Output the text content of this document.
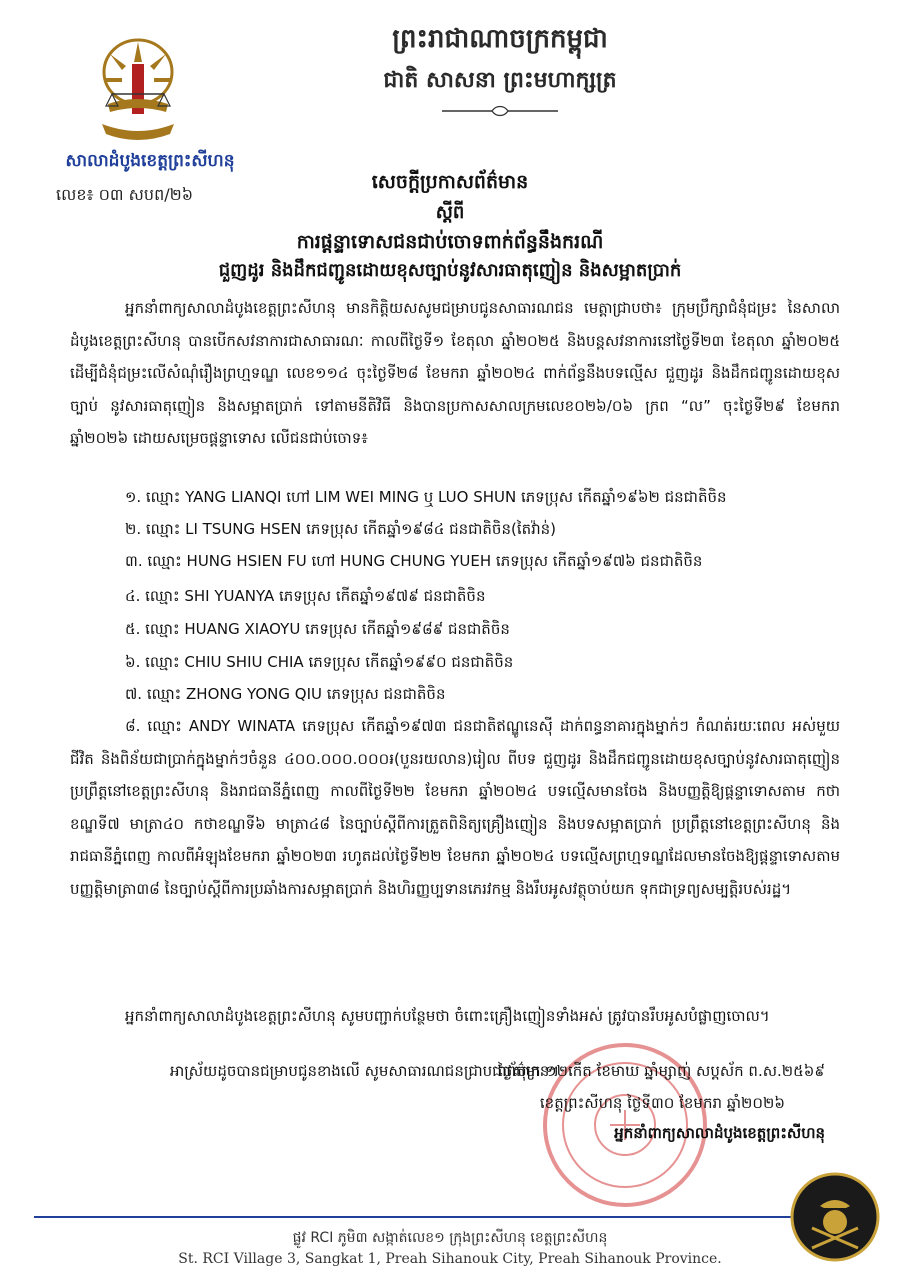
ព្រះរាជាណាចក្រកម្ពុជា
ជាតិ សាសនា ព្រះមហាក្សត្រ
សាលាដំបូងខេត្តព្រះសីហនុ
លេខ៖ ០៣ សបព/២៦
សេចក្តីប្រកាសព័ត៌មាន
ស្តីពី
ការផ្តន្ទាទោសជនជាប់ចោទពាក់ព័ន្ធនឹងករណី
ជួញដូរ និងដឹកជញ្ជូនដោយខុសច្បាប់នូវសារធាតុញៀន និងសម្អាតប្រាក់
អ្នកនាំពាក្យសាលាដំបូងខេត្តព្រះសីហនុ មានកិត្តិយសសូមជម្រាបជូនសាធារណជន មេត្តាជ្រាបថា៖ ក្រុមប្រឹក្សាជំនុំជម្រះ នៃសាលាដំបូងខេត្តព្រះសីហនុ បានបើកសវនាការជាសាធារណៈ កាលពីថ្ងៃទី១ ខែតុលា ឆ្នាំ២០២៥ និងបន្តសវនាការនៅថ្ងៃទី២៣ ខែតុលា ឆ្នាំ២០២៥ ដើម្បីជំនុំជម្រះលើសំណុំរឿងព្រហ្មទណ្ឌ លេខ១១៤ ចុះថ្ងៃទី២៨ ខែមករា ឆ្នាំ២០២៤ ពាក់ព័ន្ធនឹងបទល្មើស ជួញដូរ និងដឹកជញ្ជូនដោយខុសច្បាប់ នូវសារធាតុញៀន និងសម្អាតប្រាក់ ទៅតាមនីតិវិធី និងបានប្រកាសសាលក្រមលេខ០២៦/០៦ ក្រព “ល” ចុះថ្ងៃទី២៩ ខែមករា ឆ្នាំ២០២៦ ដោយសម្រេចផ្តន្ទាទោស លើជនជាប់ចោទ៖
១. ឈ្មោះ YANG LIANQI ហៅ LIM WEI MING ឬ LUO SHUN ភេទប្រុស កើតឆ្នាំ១៩៦២ ជនជាតិចិន
២. ឈ្មោះ LI TSUNG HSEN ភេទប្រុស កើតឆ្នាំ១៩៨៤ ជនជាតិចិន(តៃវ៉ាន់)
៣. ឈ្មោះ HUNG HSIEN FU ហៅ HUNG CHUNG YUEH ភេទប្រុស កើតឆ្នាំ១៩៧៦ ជនជាតិចិន
៤. ឈ្មោះ SHI YUANYA ភេទប្រុស កើតឆ្នាំ១៩៧៩ ជនជាតិចិន
៥. ឈ្មោះ HUANG XIAOYU ភេទប្រុស កើតឆ្នាំ១៩៨៩ ជនជាតិចិន
៦. ឈ្មោះ CHIU SHIU CHIA ភេទប្រុស កើតឆ្នាំ១៩៩០ ជនជាតិចិន
៧. ឈ្មោះ ZHONG YONG QIU ភេទប្រុស ជនជាតិចិន
៨. ឈ្មោះ ANDY WINATA ភេទប្រុស កើតឆ្នាំ១៩៧៣ ជនជាតិឥណ្ឌូនេស៊ី ដាក់ពន្ធនាគារក្នុងម្នាក់ៗ កំណត់រយៈពេល អស់មួយជីវិត និងពិន័យជាប្រាក់ក្នុងម្នាក់ៗចំនួន ៤០០.០០០.០០០៛(បួនរយលាន)រៀល ពីបទ ជួញដូរ និងដឹកជញ្ជូនដោយខុសច្បាប់នូវសារធាតុញៀន ប្រព្រឹត្តនៅខេត្តព្រះសីហនុ និងរាជធានីភ្នំពេញ កាលពីថ្ងៃទី២២ ខែមករា ឆ្នាំ២០២៤ បទល្មើសមានចែង និងបញ្ញត្តិឱ្យផ្តន្ទាទោសតាម កថាខណ្ឌទី៧ មាត្រា៤០ កថាខណ្ឌទី៦ មាត្រា៤៨ នៃច្បាប់ស្តីពីការត្រួតពិនិត្យគ្រឿងញៀន និងបទសម្អាតប្រាក់ ប្រព្រឹត្តនៅខេត្តព្រះសីហនុ និងរាជធានីភ្នំពេញ កាលពីអំឡុងខែមករា ឆ្នាំ២០២៣ រហូតដល់ថ្ងៃទី២២ ខែមករា ឆ្នាំ២០២៤ បទល្មើសព្រហ្មទណ្ឌដែលមានចែងឱ្យផ្តន្ទាទោសតាមបញ្ញត្តិមាត្រា៣៨ នៃច្បាប់ស្តីពីការប្រឆាំងការសម្អាតប្រាក់ និងហិរញ្ញប្បទានភេរវកម្ម និងរឹបអូសវត្ថុចាប់យក ទុកជាទ្រព្យសម្បត្តិរបស់រដ្ឋ។
អ្នកនាំពាក្យសាលាដំបូងខេត្តព្រះសីហនុ សូមបញ្ជាក់បន្ថែមថា ចំពោះគ្រឿងញៀនទាំងអស់ ត្រូវបានរឹបអូសបំផ្លាញចោល។
អាស្រ័យដូចបានជម្រាបជូនខាងលើ សូមសាធារណជនជ្រាបជាព័ត៌មាន។
ថ្ងៃសុក្រ ១២កើត ខែមាឃ ឆ្នាំម្សាញ់ សប្តស័ក ព.ស.២៥៦៩
ខេត្តព្រះសីហនុ ថ្ងៃទី៣០ ខែមករា ឆ្នាំ២០២៦
អ្នកនាំពាក្យសាលាដំបូងខេត្តព្រះសីហនុ
ផ្លូវ RCI ភូមិ៣ សង្កាត់លេខ១ ក្រុងព្រះសីហនុ ខេត្តព្រះសីហនុ
St. RCI Village 3, Sangkat 1, Preah Sihanouk City, Preah Sihanouk Province.
